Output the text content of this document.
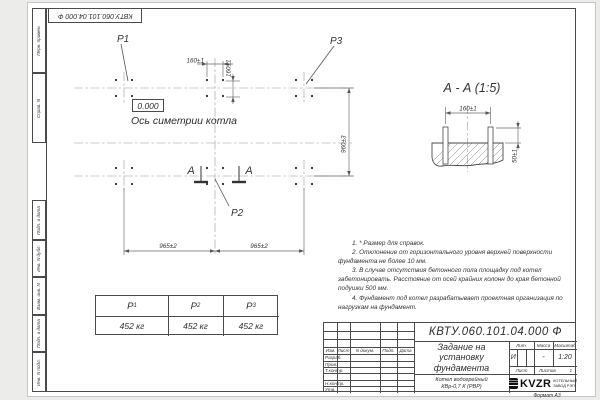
Перв. примен.
Справ. N
Подп. и дата
Инв. N дубл.
Взам. инв. N
Подп. и дата
Инв. N подл.
КВТУ.060.101.04.000 Ф
P1	P3
P2
160±1	160±1
960±3
965±2	965±2
А	А
А - А (1:5)
160±1
50±1
0.000
Ось симетрии котла

1. * Размер для справок.

2. Отклонение от горизонтального уровня верхней поверхности фундамента не более 10 мм.

3. В случае отсутствия бетонного пола площадку под котел забетонировать. Расстояние от осей крайних колонн до края бетонной подушки 500 мм.

4. Фундамент под котел разрабатывает проектная организация по нагрузкам на фундамент.

Р 1	Р 2	Р 3
452 кг	452 кг	452 кг
Изм. Лист	N докум.	Подп.	Дата
Разраб.
Пров.
Т.контр.
Н.контр.
Утв.
КВТУ.060.101.04.000 Ф
Задание на установку фундамента
Лит.	Масса Масштаб
И	-	1:20
Лист	Листов	1
Котел водогрейный КВр-0,7 К (РВР)	KVZR КОТЕЛЬНЫЙ
ЗАВОД РЭП
Формат А3
